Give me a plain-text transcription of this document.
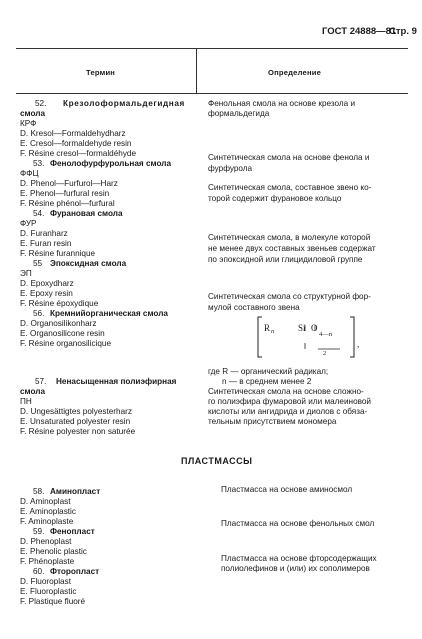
ГОСТ 24888—81
Стр. 9
Термин	Определение
52. Крезолоформальдегидная
смола
КРФ
D. Kresol—Formaldehydharz
E. Cresol—formaldehyde resin
F. Résine cresol—formaldéhyde
Фенольная смола на основе крезола и
формальдегида
53. Фенолофурфурольная смола
ФФЦ
D. Phenol—Furfurol—Harz
E. Phenol—furfural resin
F. Résine phénol—furfural
Синтетическая смола на основе фенола и
фурфурола
54. Фурановая смола
ФУР
D. Furanharz
E. Furan resin
F. Résine furannique
Синтетическая смола, составное звено ко-
торой содержит фурановое кольцо
55 Эпоксидная смола
ЭП
D. Epoxydharz
E. Epoxy resin
F. Résine époxydique
Синтетическая смола, в молекуле которой
не менее двух составных звеньев содержат
по эпоксидной или глицидиловой группе
56. Кремнийорганическая смола
D. Organosilikonharz
E. Organosilicone resin
F. Résine organosilicique
Синтетическая смола со структурной фор-
мулой составного звена
,
R n	Si O
4—n
2
где R — органический радикал;
n — в среднем менее 2
57. Ненасыщенная полиэфирная
смола
ПН
D. Ungesättigtes polyesterharz
E. Unsaturated polyester resin
F. Résine polyester non saturée
Синтетическая смола на основе сложно-
го полиэфира фумаровой или малеиновой
кислоты или ангидрида и диолов с обяза-
тельным присутствием мономера
ПЛАСТМАССЫ
58. Аминопласт
D. Aminoplast
E. Aminoplastic
F. Aminoplaste
Пластмасса на основе аминосмол
59. Фенопласт
D. Phenoplast
E. Phenolic plastic
F. Phénoplaste
Пластмасса на основе фенольных смол
60. Фторопласт
E. Fluoroplastic
F. Plastique fluoré
Пластмасса на основе фторсодержащих
полиолефинов и (или) их сополимеров
D. Fluoroplast
